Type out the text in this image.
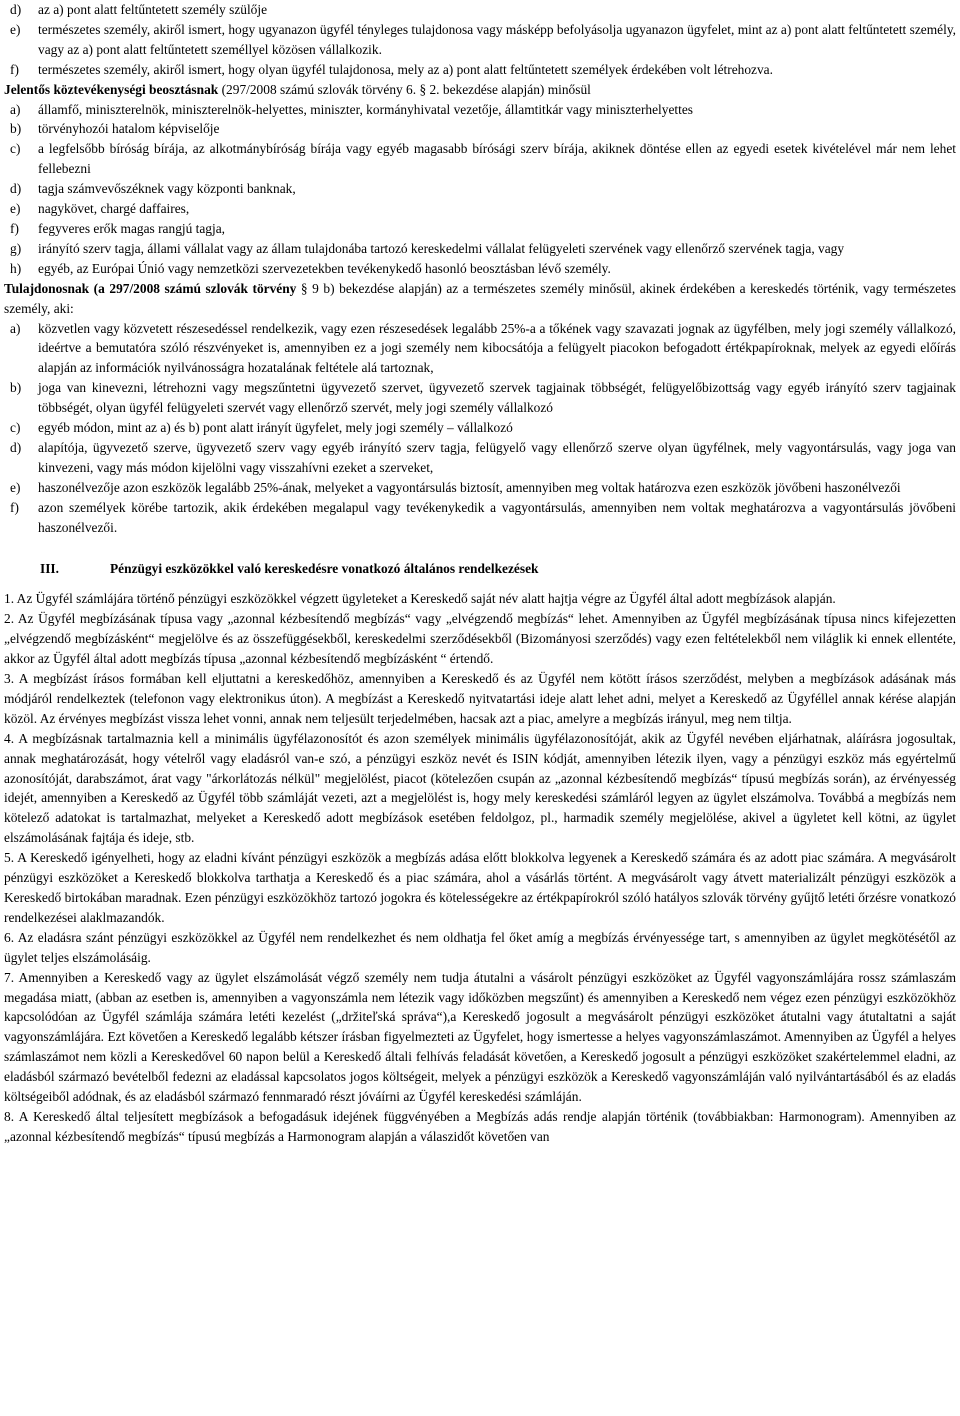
d)	az a) pont alatt feltűntetett személy szülője
e)	természetes személy, akiről ismert, hogy ugyanazon ügyfél tényleges tulajdonosa vagy másképp befolyásolja ugyanazon ügyfelet, mint az a) pont alatt feltűntetett személy, vagy az a) pont alatt feltűntetett személlyel közösen vállalkozik.
f)	természetes személy, akiről ismert, hogy olyan ügyfél tulajdonosa, mely az a) pont alatt feltűntetett személyek érdekében volt létrehozva.

Jelentős köztevékenységi beosztásnak (297/2008 számú szlovák törvény 6. § 2. bekezdése alapján) minősül

a)	államfő, miniszterelnök, miniszterelnök-helyettes, miniszter, kormányhivatal vezetője, államtitkár vagy miniszterhelyettes
b)	törvényhozói hatalom képviselője
c)	a legfelsőbb bíróság bírája, az alkotmánybíróság bírája vagy egyéb magasabb bírósági szerv bírája, akiknek döntése ellen az egyedi esetek kivételével már nem lehet fellebezni
d)	tagja számvevőszéknek vagy központi banknak,
e)	nagykövet, chargé daffaires,
f)	fegyveres erők magas rangjú tagja,
g)	irányító szerv tagja, állami vállalat vagy az állam tulajdonába tartozó kereskedelmi vállalat felügyeleti szervének vagy ellenőrző szervének tagja, vagy
h)	egyéb, az Európai Únió vagy nemzetközi szervezetekben tevékenykedő hasonló beosztásban lévő személy.

Tulajdonosnak (a 297/2008 számú szlovák törvény § 9 b) bekezdése alapján) az a természetes személy minősül, akinek érdekében a kereskedés történik, vagy természetes személy, aki:

a)	közvetlen vagy közvetett részesedéssel rendelkezik, vagy ezen részesedések legalább 25%-a a tőkének vagy szavazati jognak az ügyfélben, mely jogi személy vállalkozó, ideértve a bemutatóra szóló részvényeket is, amennyiben ez a jogi személy nem kibocsátója a felügyelt piacokon befogadott értékpapíroknak, melyek az egyedi előírás alapján az információk nyilvánosságra hozatalának feltétele alá tartoznak,
b)	joga van kinevezni, létrehozni vagy megszűntetni ügyvezető szervet, ügyvezető szervek tagjainak többségét, felügyelőbizottság vagy egyéb irányító szerv tagjainak többségét, olyan ügyfél felügyeleti szervét vagy ellenőrző szervét, mely jogi személy vállalkozó
c)	egyéb módon, mint az a) és b) pont alatt irányít ügyfelet, mely jogi személy – vállalkozó
d)	alapítója, ügyvezető szerve, ügyvezető szerv vagy egyéb irányító szerv tagja, felügyelő vagy ellenőrző szerve olyan ügyfélnek, mely vagyontársulás, vagy joga van kinvezeni, vagy más módon kijelölni vagy visszahívni ezeket a szerveket,
e)	haszonélvezője azon eszközök legalább 25%-ának, melyeket a vagyontársulás biztosít, amennyiben meg voltak határozva ezen eszközök jövőbeni haszonélvezői
f)	azon személyek körébe tartozik, akik érdekében megalapul vagy tevékenykedik a vagyontársulás, amennyiben nem voltak meghatározva a vagyontársulás jövőbeni haszonélvezői.
III.	Pénzügyi eszközökkel való kereskedésre vonatkozó általános rendelkezések

1. Az Ügyfél számlájára történő pénzügyi eszközökkel végzett ügyleteket a Kereskedő saját név alatt hajtja végre az Ügyfél által adott megbízások alapján.

2. Az Ügyfél megbízásának típusa vagy „azonnal kézbesítendő megbízás“ vagy „elvégzendő megbízás“ lehet. Amennyiben az Ügyfél megbízásának típusa nincs kifejezetten „elvégzendő megbízásként“ megjelölve és az összefüggésekből, kereskedelmi szerződésekből (Bizományosi szerződés) vagy ezen feltételekből nem világlik ki ennek ellentéte, akkor az Ügyfél által adott megbízás típusa „azonnal kézbesítendő megbízásként “ értendő.

3. A megbízást írásos formában kell eljuttatni a kereskedőhöz, amennyiben a Kereskedő és az Ügyfél nem kötött írásos szerződést, melyben a megbízások adásának más módjáról rendelkeztek (telefonon vagy elektronikus úton). A megbízást a Kereskedő nyitvatartási ideje alatt lehet adni, melyet a Kereskedő az Ügyféllel annak kérése alapján közöl. Az érvényes megbízást vissza lehet vonni, annak nem teljesült terjedelmében, hacsak azt a piac, amelyre a megbízás irányul, meg nem tiltja.

4. A megbízásnak tartalmaznia kell a minimális ügyfélazonosítót és azon személyek minimális ügyfélazonosítóját, akik az Ügyfél nevében eljárhatnak, aláírásra jogosultak, annak meghatározását, hogy vételről vagy eladásról van-e szó, a pénzügyi eszköz nevét és ISIN kódját, amennyiben létezik ilyen, vagy a pénzügyi eszköz más egyértelmű azonosítóját, darabszámot, árat vagy "árkorlátozás nélkül" megjelölést, piacot (kötelezően csupán az „azonnal kézbesítendő megbízás“ típusú megbízás során), az érvényesség idejét, amennyiben a Kereskedő az Ügyfél több számláját vezeti, azt a megjelölést is, hogy mely kereskedési számláról legyen az ügylet elszámolva. Továbbá a megbízás nem kötelező adatokat is tartalmazhat, melyeket a Kereskedő adott megbízások esetében feldolgoz, pl., harmadik személy megjelölése, akivel a ügyletet kell kötni, az ügylet elszámolásának fajtája és ideje, stb.

5. A Kereskedő igényelheti, hogy az eladni kívánt pénzügyi eszközök a megbízás adása előtt blokkolva legyenek a Kereskedő számára és az adott piac számára. A megvásárolt pénzügyi eszközöket a Kereskedő blokkolva tarthatja a Kereskedő és a piac számára, ahol a vásárlás történt. A megvásárolt vagy átvett materializált pénzügyi eszközök a Kereskedő birtokában maradnak. Ezen pénzügyi eszközökhöz tartozó jogokra és kötelességekre az értékpapírokról szóló hatályos szlovák törvény gyűjtő letéti őrzésre vonatkozó rendelkezései alaklmazandók.

6. Az eladásra szánt pénzügyi eszközökkel az Ügyfél nem rendelkezhet és nem oldhatja fel őket amíg a megbízás érvényessége tart, s amennyiben az ügylet megkötésétől az ügylet teljes elszámolásáig.

7. Amennyiben a Kereskedő vagy az ügylet elszámolását végző személy nem tudja átutalni a vásárolt pénzügyi eszközöket az Ügyfél vagyonszámlájára rossz számlaszám megadása miatt, (abban az esetben is, amennyiben a vagyonszámla nem létezik vagy időközben megszűnt) és amennyiben a Kereskedő nem végez ezen pénzügyi eszközökhöz kapcsolódóan az Ügyfél számlája számára letéti kezelést („držiteľská správa“),a Kereskedő jogosult a megvásárolt pénzügyi eszközöket átutalni vagy átutaltatni a saját vagyonszámlájára. Ezt követően a Kereskedő legalább kétszer írásban figyelmezteti az Ügyfelet, hogy ismertesse a helyes vagyonszámlaszámot. Amennyiben az Ügyfél a helyes számlaszámot nem közli a Kereskedővel 60 napon belül a Kereskedő általi felhívás feladását követően, a Kereskedő jogosult a pénzügyi eszközöket szakértelemmel eladni, az eladásból származó bevételből fedezni az eladással kapcsolatos jogos költségeit, melyek a pénzügyi eszközök a Kereskedő vagyonszámláján való nyilvántartásából és az eladás költségeiből adódnak, és az eladásból származó fennmaradó részt jóváírni az Ügyfél kereskedési számláján.

8. A Kereskedő által teljesített megbízások a befogadásuk idejének függvényében a Megbízás adás rendje alapján történik (továbbiakban: Harmonogram). Amennyiben az „azonnal kézbesítendő megbízás“ típusú megbízás a Harmonogram alapján a válaszidőt követően van
